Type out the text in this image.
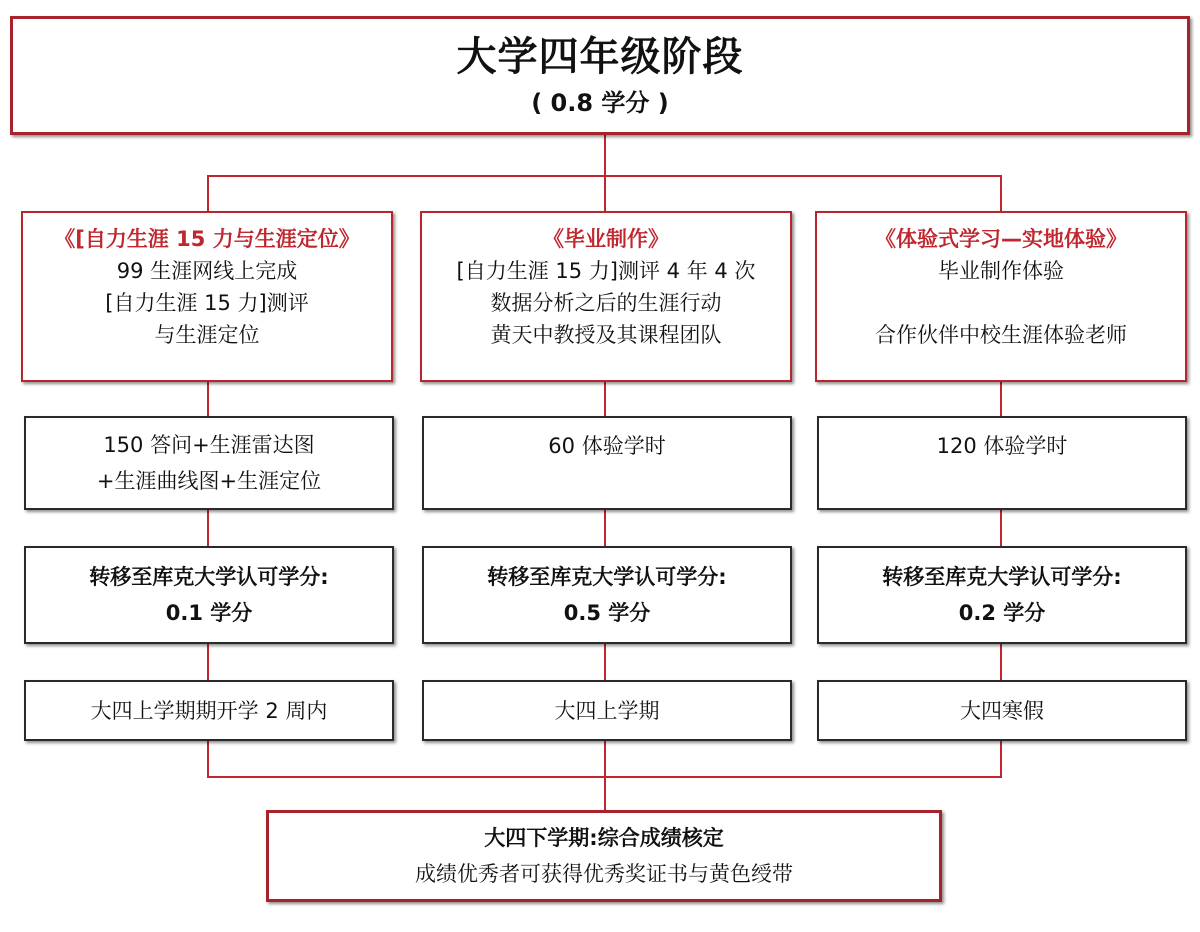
大学四年级阶段
( 0.8 学分 )
《[自力生涯 15 力与生涯定位》
99 生涯网线上完成
[自力生涯 15 力]测评
与生涯定位
150 答问+生涯雷达图
+生涯曲线图+生涯定位
转移至库克大学认可学分:
0.1 学分
大四上学期期开学 2 周内
《毕业制作》
[自力生涯 15 力]测评 4 年 4 次
数据分析之后的生涯行动
黄天中教授及其课程团队
60 体验学时
转移至库克大学认可学分:
0.5 学分
大四上学期
《体验式学习—实地体验》
毕业制作体验
合作伙伴中校生涯体验老师
120 体验学时
转移至库克大学认可学分:
0.2 学分
大四寒假
大四下学期:综合成绩核定
成绩优秀者可获得优秀奖证书与黄色绶带
